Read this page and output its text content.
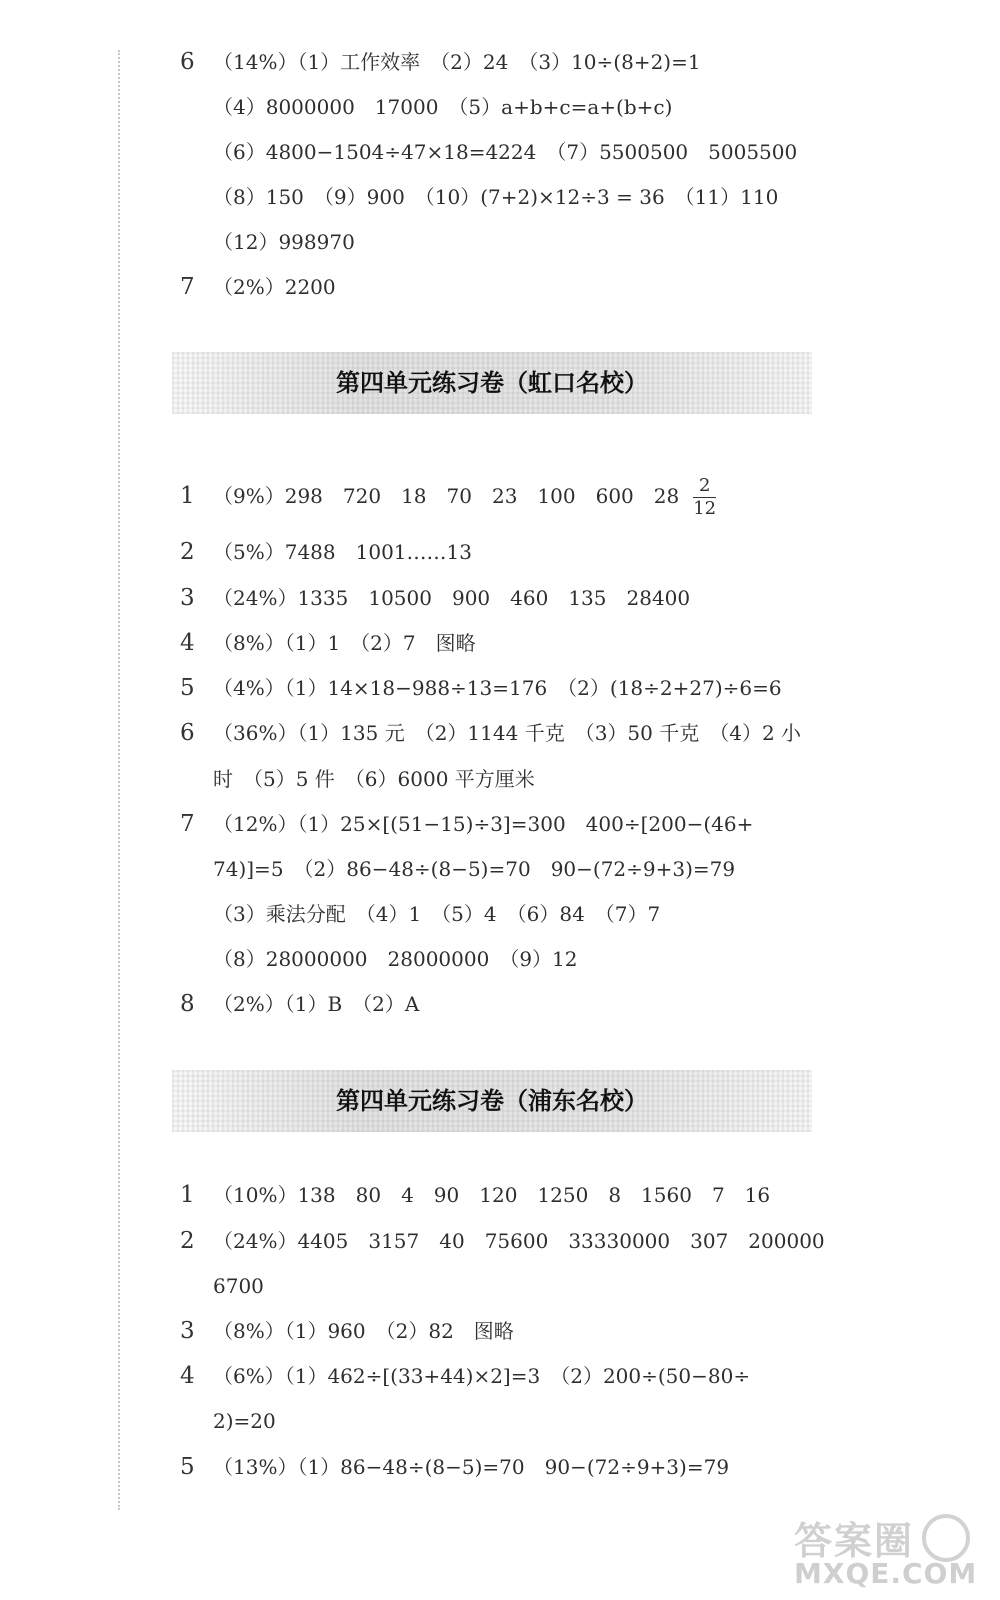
6 （14%）（1）工作效率　（2）24　（3）10÷(8+2)=1
（4）8000000　17000　（5）a+b+c=a+(b+c)
（6）4800−1504÷47×18=4224　（7）5500500　5005500
（8）150　（9）900　（10）(7+2)×12÷3 = 36　（11）110
（12）998970
7 （2%）2200
第四单元练习卷（虹口名校）
1 （9%）298　720　18　70　23　100　600　$28 \frac{2}{12}$
2 （5%）7488　1001……13
3 （24%）1335　10500　900　460　135　28400
4 （8%）（1）1　（2）7　图略
5 （4%）（1）14×18−988÷13=176　（2）(18÷2+27)÷6=6
6 （36%）（1）135 元　（2）1144 千克　（3）50 千克　（4）2 小
时　（5）5 件　（6）6000 平方厘米
7 （12%）（1）25×[(51−15)÷3]=300　400÷[200−(46+
74)]=5　（2）86−48÷(8−5)=70　90−(72÷9+3)=79
（3）乘法分配　（4）1　（5）4　（6）84　（7）7
（8）28000000　28000000　（9）12
8 （2%）（1）B　（2）A
第四单元练习卷（浦东名校）
1 （10%）138　80　4　90　120　1250　8　1560　7　16
2 （24%）4405　3157　40　75600　33330000　307　200000
6700
3 （8%）（1）960　（2）82　图略
4 （6%）（1）462÷[(33+44)×2]=3　（2）200÷(50−80÷
2)=20
5 （13%）（1）86−48÷(8−5)=70　90−(72÷9+3)=79
答案圈
MXQE.COM
